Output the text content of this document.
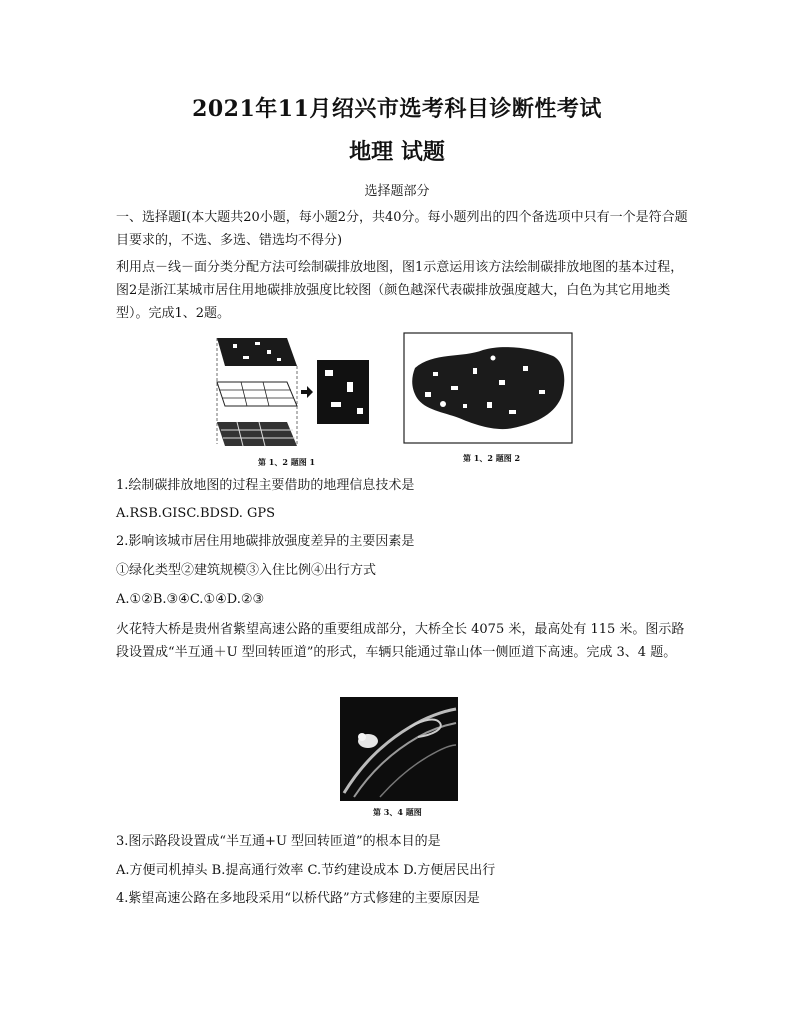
2021年11月绍兴市选考科目诊断性考试
地理 试题
选择题部分

一、选择题Ⅰ(本大题共20小题，每小题2分，共40分。每小题列出的四个备选项中只有一个是符合题目要求的，不选、多选、错选均不得分)

利用点－线－面分类分配方法可绘制碳排放地图，图1示意运用该方法绘制碳排放地图的基本过程，图2是浙江某城市居住用地碳排放强度比较图（颜色越深代表碳排放强度越大，白色为其它用地类型）。完成1、2题。

第 1、2 题图 1	第 1、2 题图 2
1.绘制碳排放地图的过程主要借助的地理信息技术是
A.RSB.GISC.BDSD. GPS
2.影响该城市居住用地碳排放强度差异的主要因素是
①绿化类型②建筑规模③入住比例④出行方式
A.①②B.③④C.①④D.②③

火花特大桥是贵州省紫望高速公路的重要组成部分，大桥全长 4075 米，最高处有 115 米。图示路段设置成“半互通＋U 型回转匝道”的形式，车辆只能通过靠山体一侧匝道下高速。完成 3、4 题。

第 3、4 题图
3.图示路段设置成“半互通+U 型回转匝道”的根本目的是
A.方便司机掉头 B.提高通行效率 C.节约建设成本 D.方便居民出行
4.紫望高速公路在多地段采用“以桥代路”方式修建的主要原因是
